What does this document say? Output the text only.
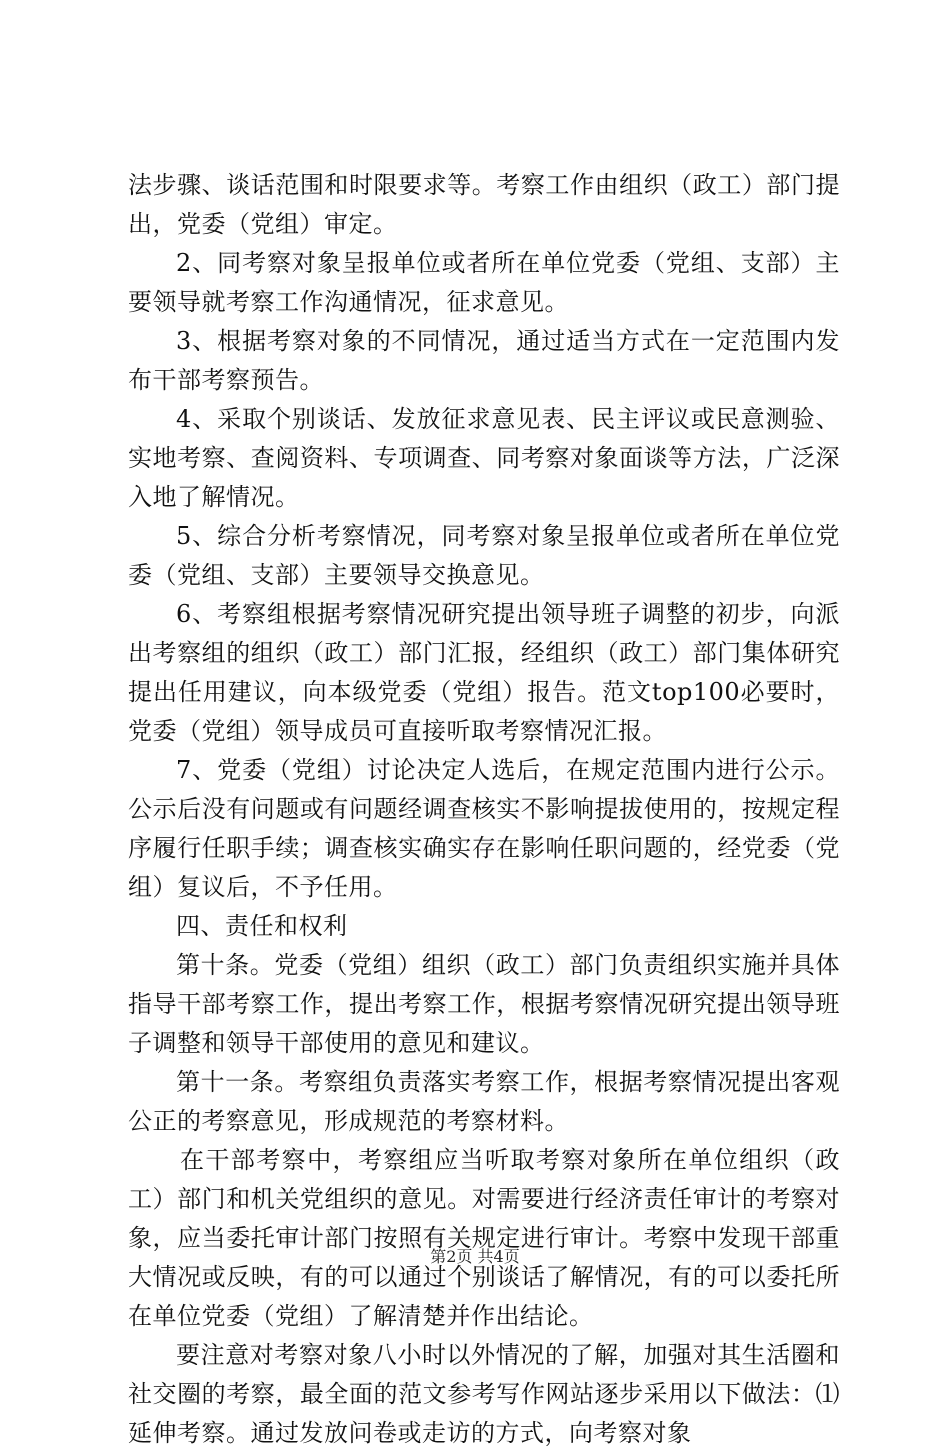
法步骤、谈话范围和时限要求等。考察工作由组织（政工）部门提出，党委（党组）审定。

2、同考察对象呈报单位或者所在单位党委（党组、支部）主要领导就考察工作沟通情况，征求意见。

3、根据考察对象的不同情况，通过适当方式在一定范围内发布干部考察预告。

4、采取个别谈话、发放征求意见表、民主评议或民意测验、实地考察、查阅资料、专项调查、同考察对象面谈等方法，广泛深入地了解情况。

5、综合分析考察情况，同考察对象呈报单位或者所在单位党委（党组、支部）主要领导交换意见。

6、考察组根据考察情况研究提出领导班子调整的初步，向派出考察组的组织（政工）部门汇报，经组织（政工）部门集体研究提出任用建议，向本级党委（党组）报告。范文top100必要时，党委（党组）领导成员可直接听取考察情况汇报。

7、党委（党组）讨论决定人选后，在规定范围内进行公示。公示后没有问题或有问题经调查核实不影响提拔使用的，按规定程序履行任职手续；调查核实确实存在影响任职问题的，经党委（党组）复议后，不予任用。

四、责任和权利

第十条。党委（党组）组织（政工）部门负责组织实施并具体指导干部考察工作，提出考察工作，根据考察情况研究提出领导班子调整和领导干部使用的意见和建议。

第十一条。考察组负责落实考察工作，根据考察情况提出客观公正的考察意见，形成规范的考察材料。

在干部考察中，考察组应当听取考察对象所在单位组织（政工）部门和机关党组织的意见。对需要进行经济责任审计的考察对象，应当委托审计部门按照有关规定进行审计。考察中发现干部重大情况或反映，有的可以通过个别谈话了解情况，有的可以委托所在单位党委（党组）了解清楚并作出结论。

要注意对考察对象八小时以外情况的了解，加强对其生活圈和社交圈的考察，最全面的范文参考写作网站逐步采用以下做法：⑴延伸考察。通过发放问卷或走访的方式，向考察对象

第2页 共4页
